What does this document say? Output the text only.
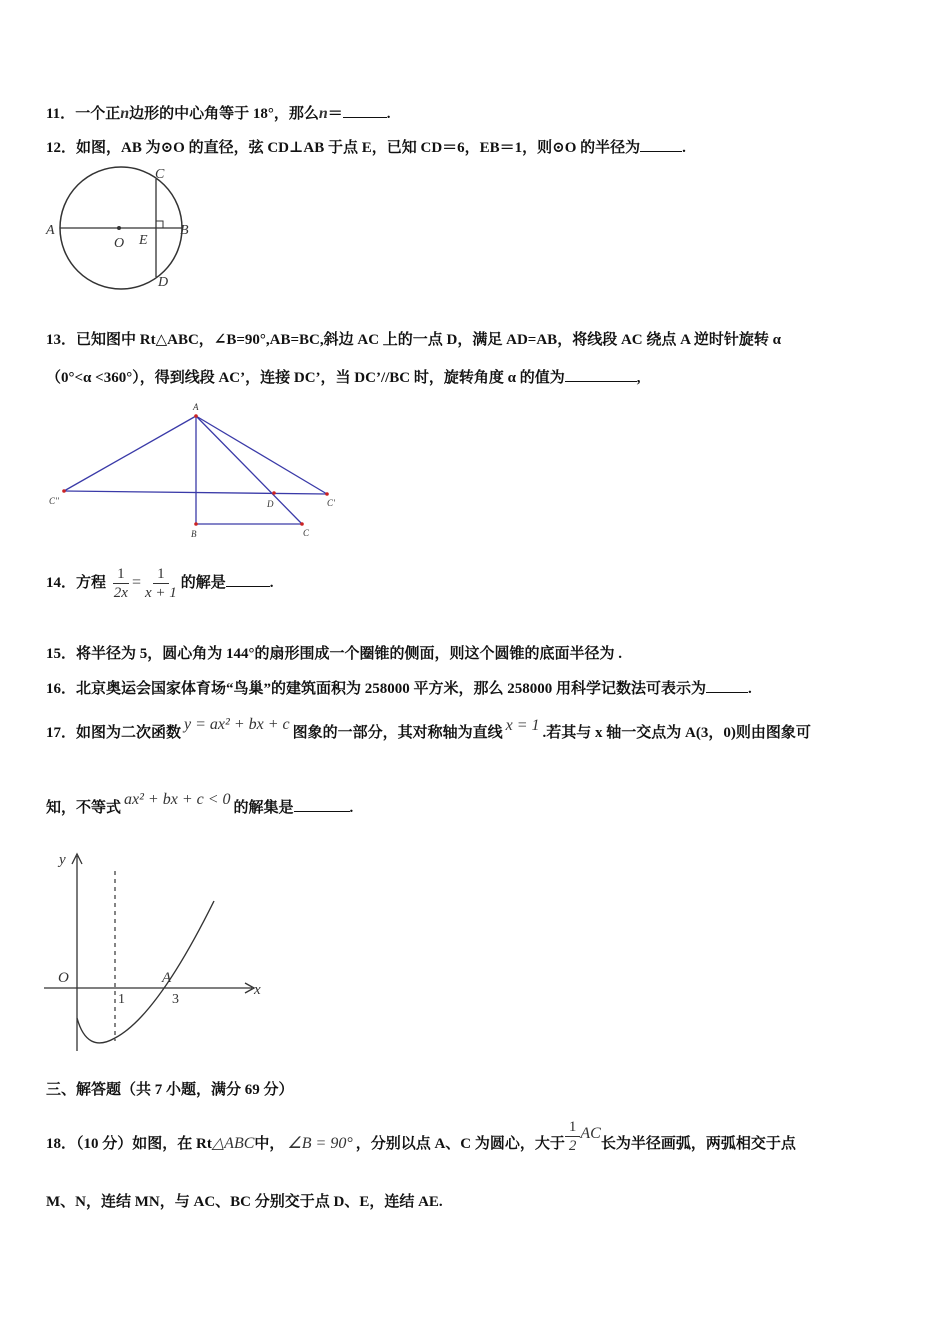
11．一个正n边形的中心角等于 18°，那么n＝	.
12．如图，AB 为⊙O 的直径，弦 CD⊥AB 于点 E，已知 CD＝6，EB＝1，则⊙O 的半径为	.
A	B
C
D
O E
13．已知图中 Rt△ABC，∠B=90°,AB=BC,斜边 AC 上的一点 D，满足 AD=AB，将线段 AC 绕点 A 逆时针旋转 α
（0°<α <360°），得到线段 AC’，连接 DC’，当 DC’//BC 时，旋转角度 α 的值为	,
A
B	C
D	C'
C''
14．方程 $\frac{1}{2x} = \frac{1}{x + 1}$ 的解是	.
15．将半径为 5，圆心角为 144°的扇形围成一个圈锥的侧面，则这个圆锥的底面半径为 .
16．北京奥运会国家体育场“鸟巢”的建筑面积为 258000 平方米，那么 258000 用科学记数法可表示为	.
17．如图为二次函数 y = ax² + bx + c 图象的一部分，其对称轴为直线 x = 1 .若其与 x 轴一交点为 A(3，0)则由图象可
知，不等式 ax² + bx + c < 0 的解集是	.
y
x
O	A
1	3
三、解答题（共 7 小题，满分 69 分）
18．（10 分）如图，在 Rt△ABC中， ∠B = 90° ，分别以点 A、C 为圆心，大于 $\frac{1}{2}$ AC长为半径画弧，两弧相交于点
M、N，连结 MN，与 AC、BC 分别交于点 D、E，连结 AE.
